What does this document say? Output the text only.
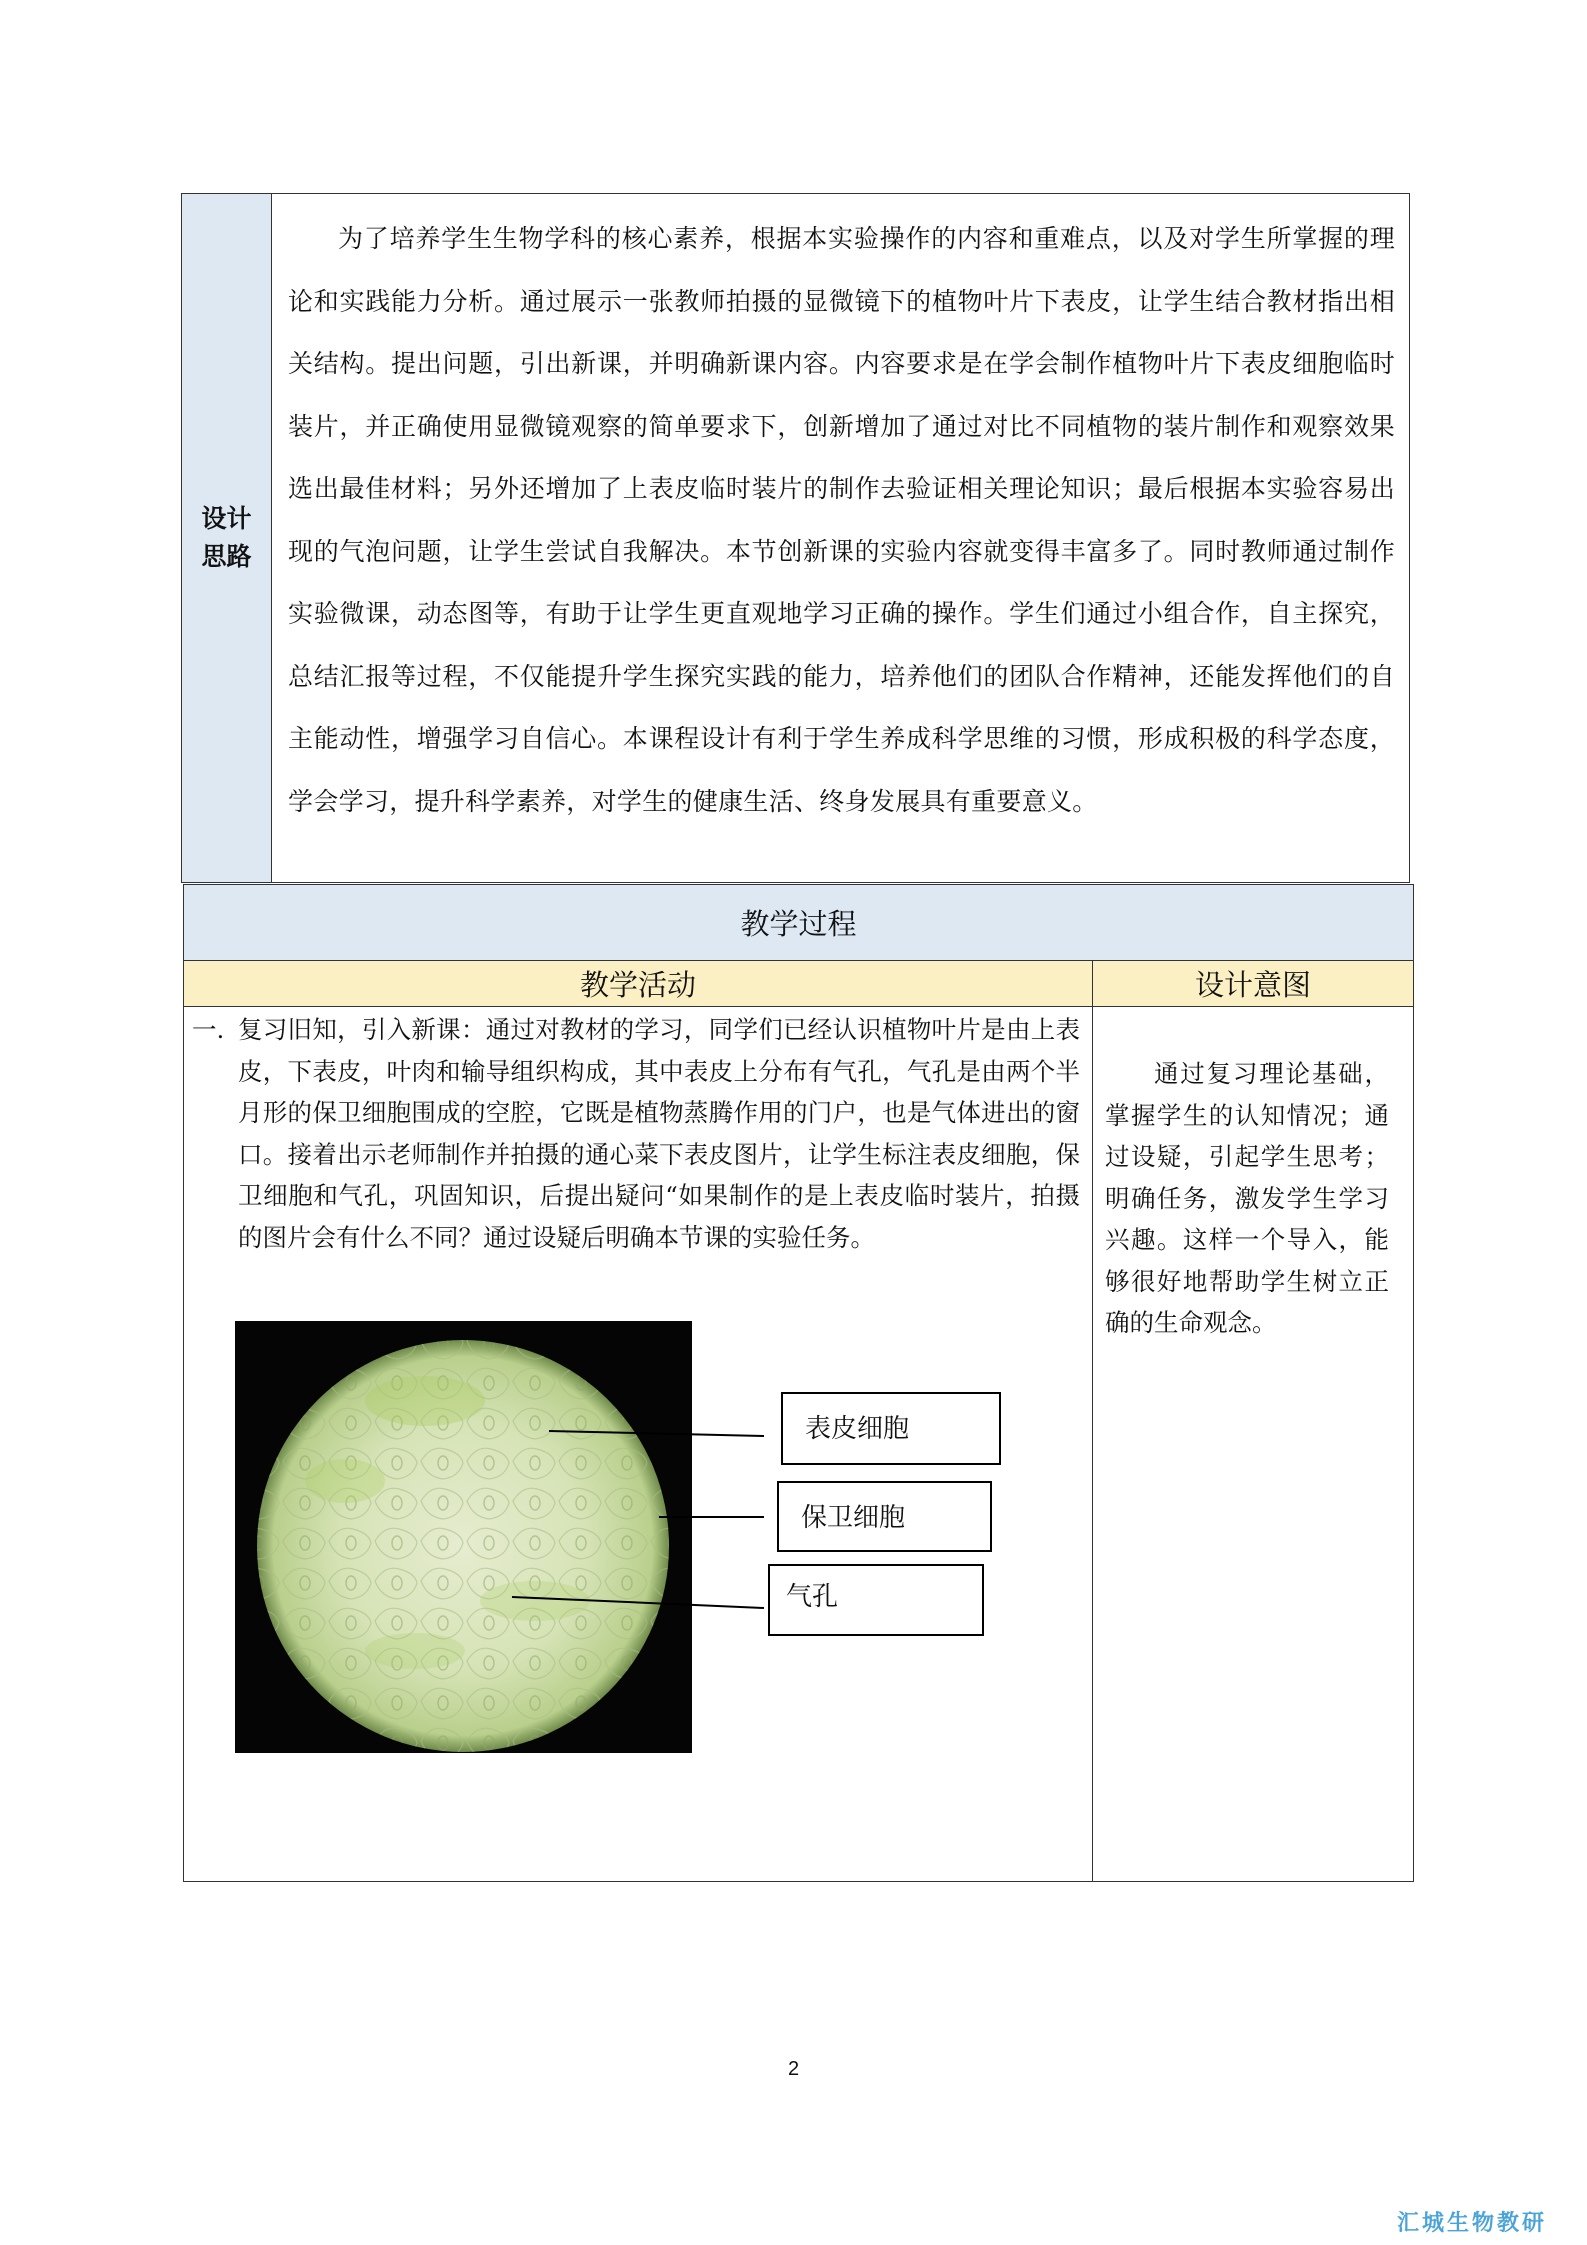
设计思路
为了培养学生生物学科的核心素养，根据本实验操作的内容和重难点，以及对学生所掌握的理论和实践能力分析。通过展示一张教师拍摄的显微镜下的植物叶片下表皮，让学生结合教材指出相关结构。提出问题，引出新课，并明确新课内容。内容要求是在学会制作植物叶片下表皮细胞临时装片，并正确使用显微镜观察的简单要求下，创新增加了通过对比不同植物的装片制作和观察效果选出最佳材料；另外还增加了上表皮临时装片的制作去验证相关理论知识；最后根据本实验容易出现的气泡问题，让学生尝试自我解决。本节创新课的实验内容就变得丰富多了。同时教师通过制作实验微课，动态图等，有助于让学生更直观地学习正确的操作。学生们通过小组合作，自主探究，总结汇报等过程，不仅能提升学生探究实践的能力，培养他们的团队合作精神，还能发挥他们的自主能动性，增强学习自信心。本课程设计有利于学生养成科学思维的习惯，形成积极的科学态度，学会学习，提升科学素养，对学生的健康生活、终身发展具有重要意义。
教学过程
教学活动	设计意图
一. 复习旧知，引入新课：通过对教材的学习，同学们已经认识植物叶片是由上表皮，下表皮，叶肉和输导组织构成，其中表皮上分布有气孔，气孔是由两个半月形的保卫细胞围成的空腔，它既是植物蒸腾作用的门户，也是气体进出的窗口。接着出示老师制作并拍摄的通心菜下表皮图片，让学生标注表皮细胞，保卫细胞和气孔，巩固知识，后提出疑问“如果制作的是上表皮临时装片，拍摄的图片会有什么不同？通过设疑后明确本节课的实验任务。
表皮细胞
保卫细胞
气孔
通过复习理论基础，掌握学生的认知情况；通过设疑，引起学生思考；明确任务，激发学生学习兴趣。这样一个导入，能够很好地帮助学生树立正确的生命观念。
2
汇城生物教研
